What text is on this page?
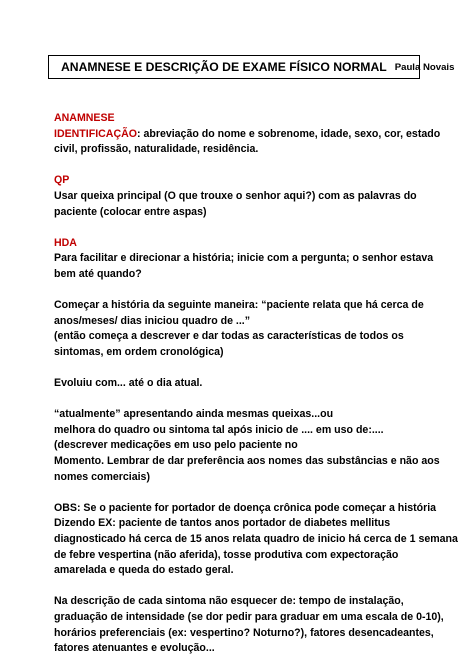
ANAMNESE E DESCRIÇÃO DE EXAME FÍSICO NORMAL Paula Novais
ANAMNESE
IDENTIFICAÇÃO: abreviação do nome e sobrenome, idade, sexo, cor, estado
civil, profissão, naturalidade, residência.
QP
Usar queixa principal (O que trouxe o senhor aqui?) com as palavras do
paciente (colocar entre aspas)
HDA
Para facilitar e direcionar a história; inicie com a pergunta; o senhor estava
bem até quando?
Começar a história da seguinte maneira: “paciente relata que há cerca de
anos/meses/ dias iniciou quadro de ...”
(então começa a descrever e dar todas as características de todos os
sintomas, em ordem cronológica)
Evoluiu com... até o dia atual.
“atualmente” apresentando ainda mesmas queixas...ou
melhora do quadro ou sintoma tal após inicio de .... em uso de:....
(descrever medicações em uso pelo paciente no
Momento. Lembrar de dar preferência aos nomes das substâncias e não aos
nomes comerciais)
OBS: Se o paciente for portador de doença crônica pode começar a história
Dizendo EX: paciente de tantos anos portador de diabetes mellitus
diagnosticado há cerca de 15 anos relata quadro de inicio há cerca de 1 semana
de febre vespertina (não aferida), tosse produtiva com expectoração
amarelada e queda do estado geral.
Na descrição de cada sintoma não esquecer de: tempo de instalação,
graduação de intensidade (se dor pedir para graduar em uma escala de 0-10),
horários preferenciais (ex: vespertino? Noturno?), fatores desencadeantes,
fatores atenuantes e evolução...
